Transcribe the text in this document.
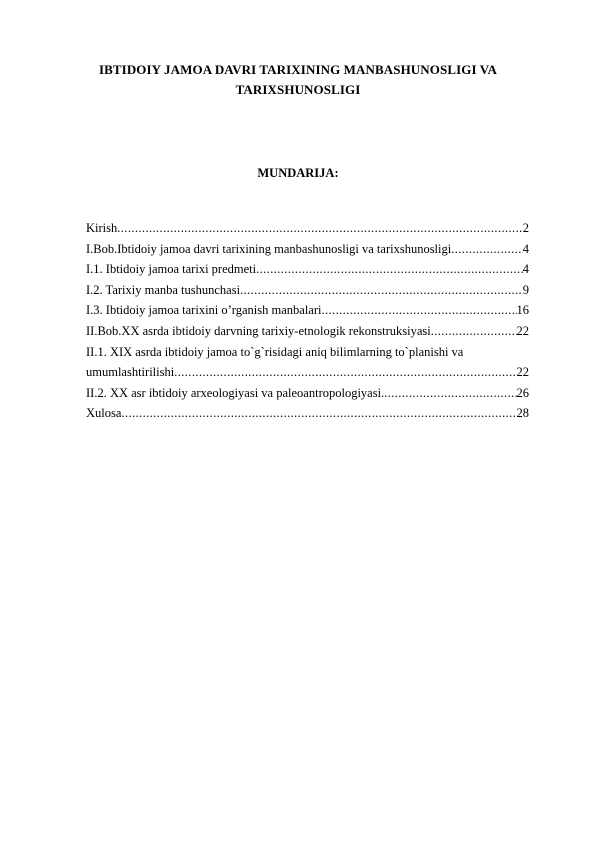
IBTIDOIY JAMOA DAVRI TARIXINING MANBASHUNOSLIGI VA
TARIXSHUNOSLIGI
MUNDARIJA:
Kirish .....	2
I.Bob.Ibtidoiy jamoa davri tarixining manbashunosligi va tarixshunosligi .....	4
I.1. Ibtidoiy jamoa tarixi predmeti .....	4
I.2. Tarixiy manba tushunchasi .....	9
I.3. Ibtidoiy jamoa tarixini o’rganish manbalari .....	16
II.Bob.XX asrda ibtidoiy darvning tarixiy-etnologik rekonstruksiyasi .....	22
II.1. XIX asrda ibtidoiy jamoa to`g`risidagi aniq bilimlarning to`planishi va
umumlashtirilishi .....	22
II.2. XX asr ibtidoiy arxeologiyasi va paleoantropologiyasi. .....	26
Xulosa .....	28
